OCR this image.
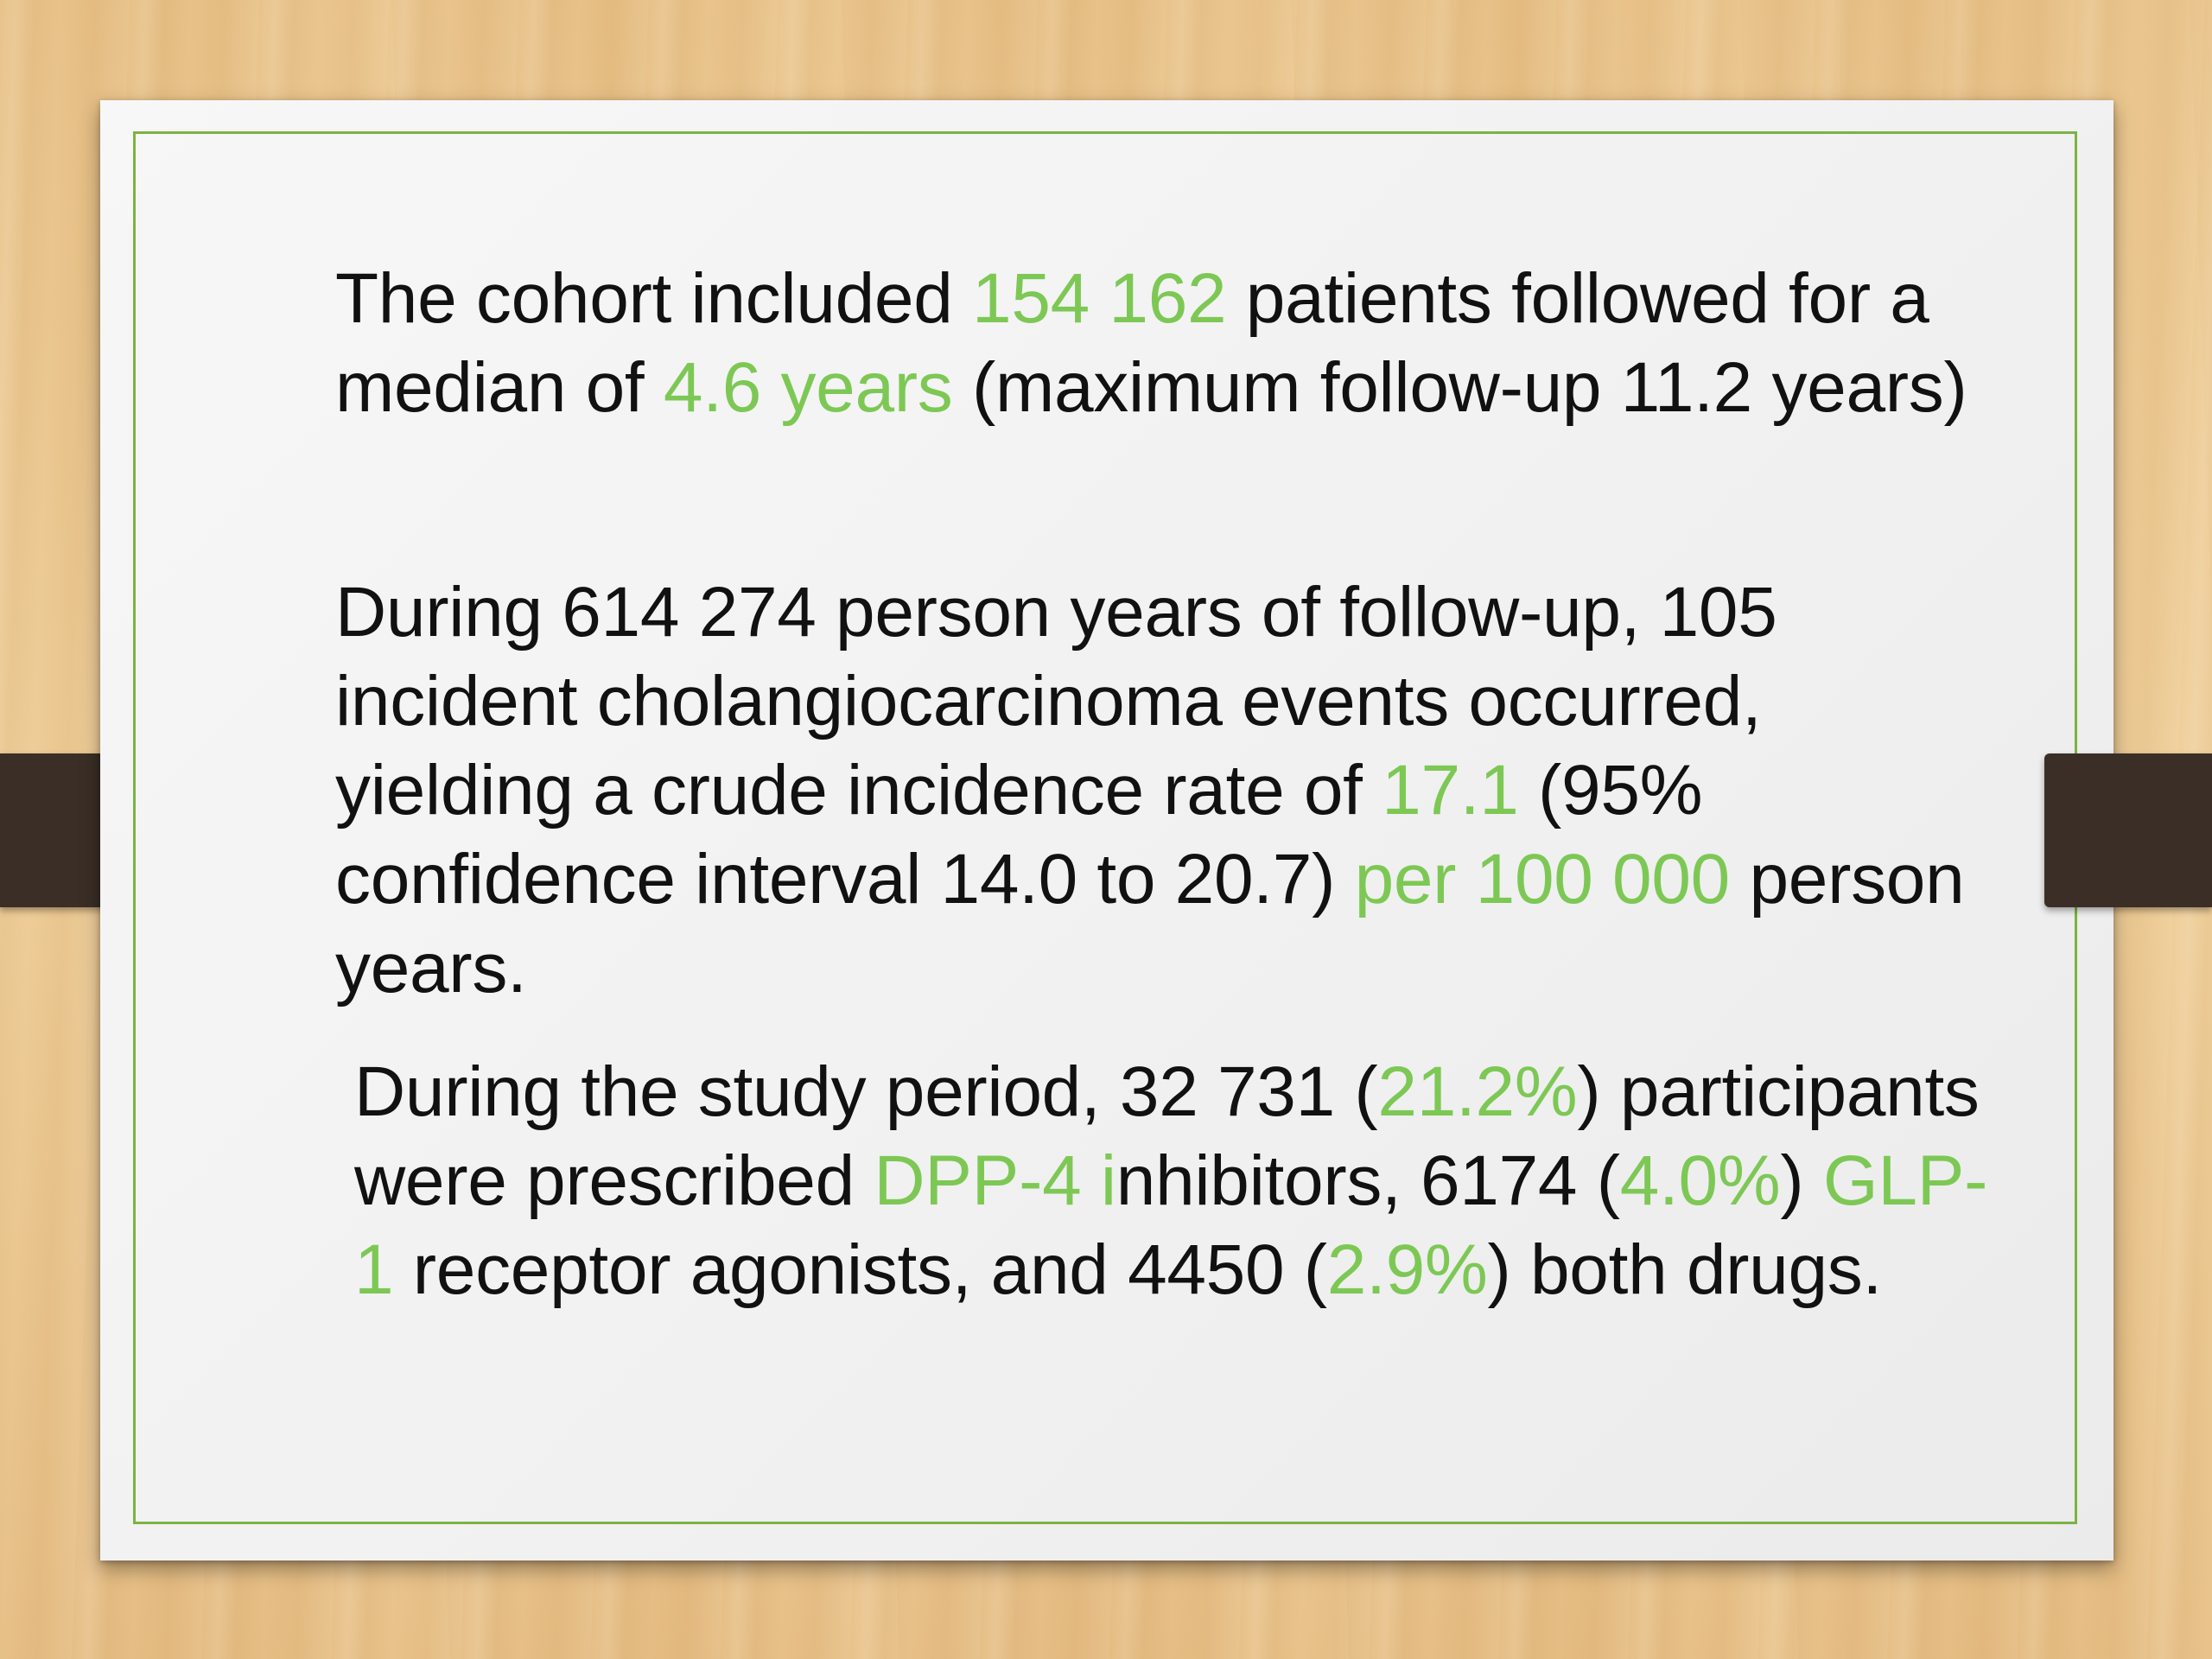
The cohort included 154 162 patients followed for a median of 4.6 years (maximum follow-up 11.2 years)

During 614 274 person years of follow-up, 105 incident cholangiocarcinoma events occurred, yielding a crude incidence rate of 17.1 (95% confidence interval 14.0 to 20.7) per 100 000 person years.

During the study period, 32 731 (21.2%) participants were prescribed DPP-4 inhibitors, 6174 (4.0%) GLP-1 receptor agonists, and 4450 (2.9%) both drugs.
